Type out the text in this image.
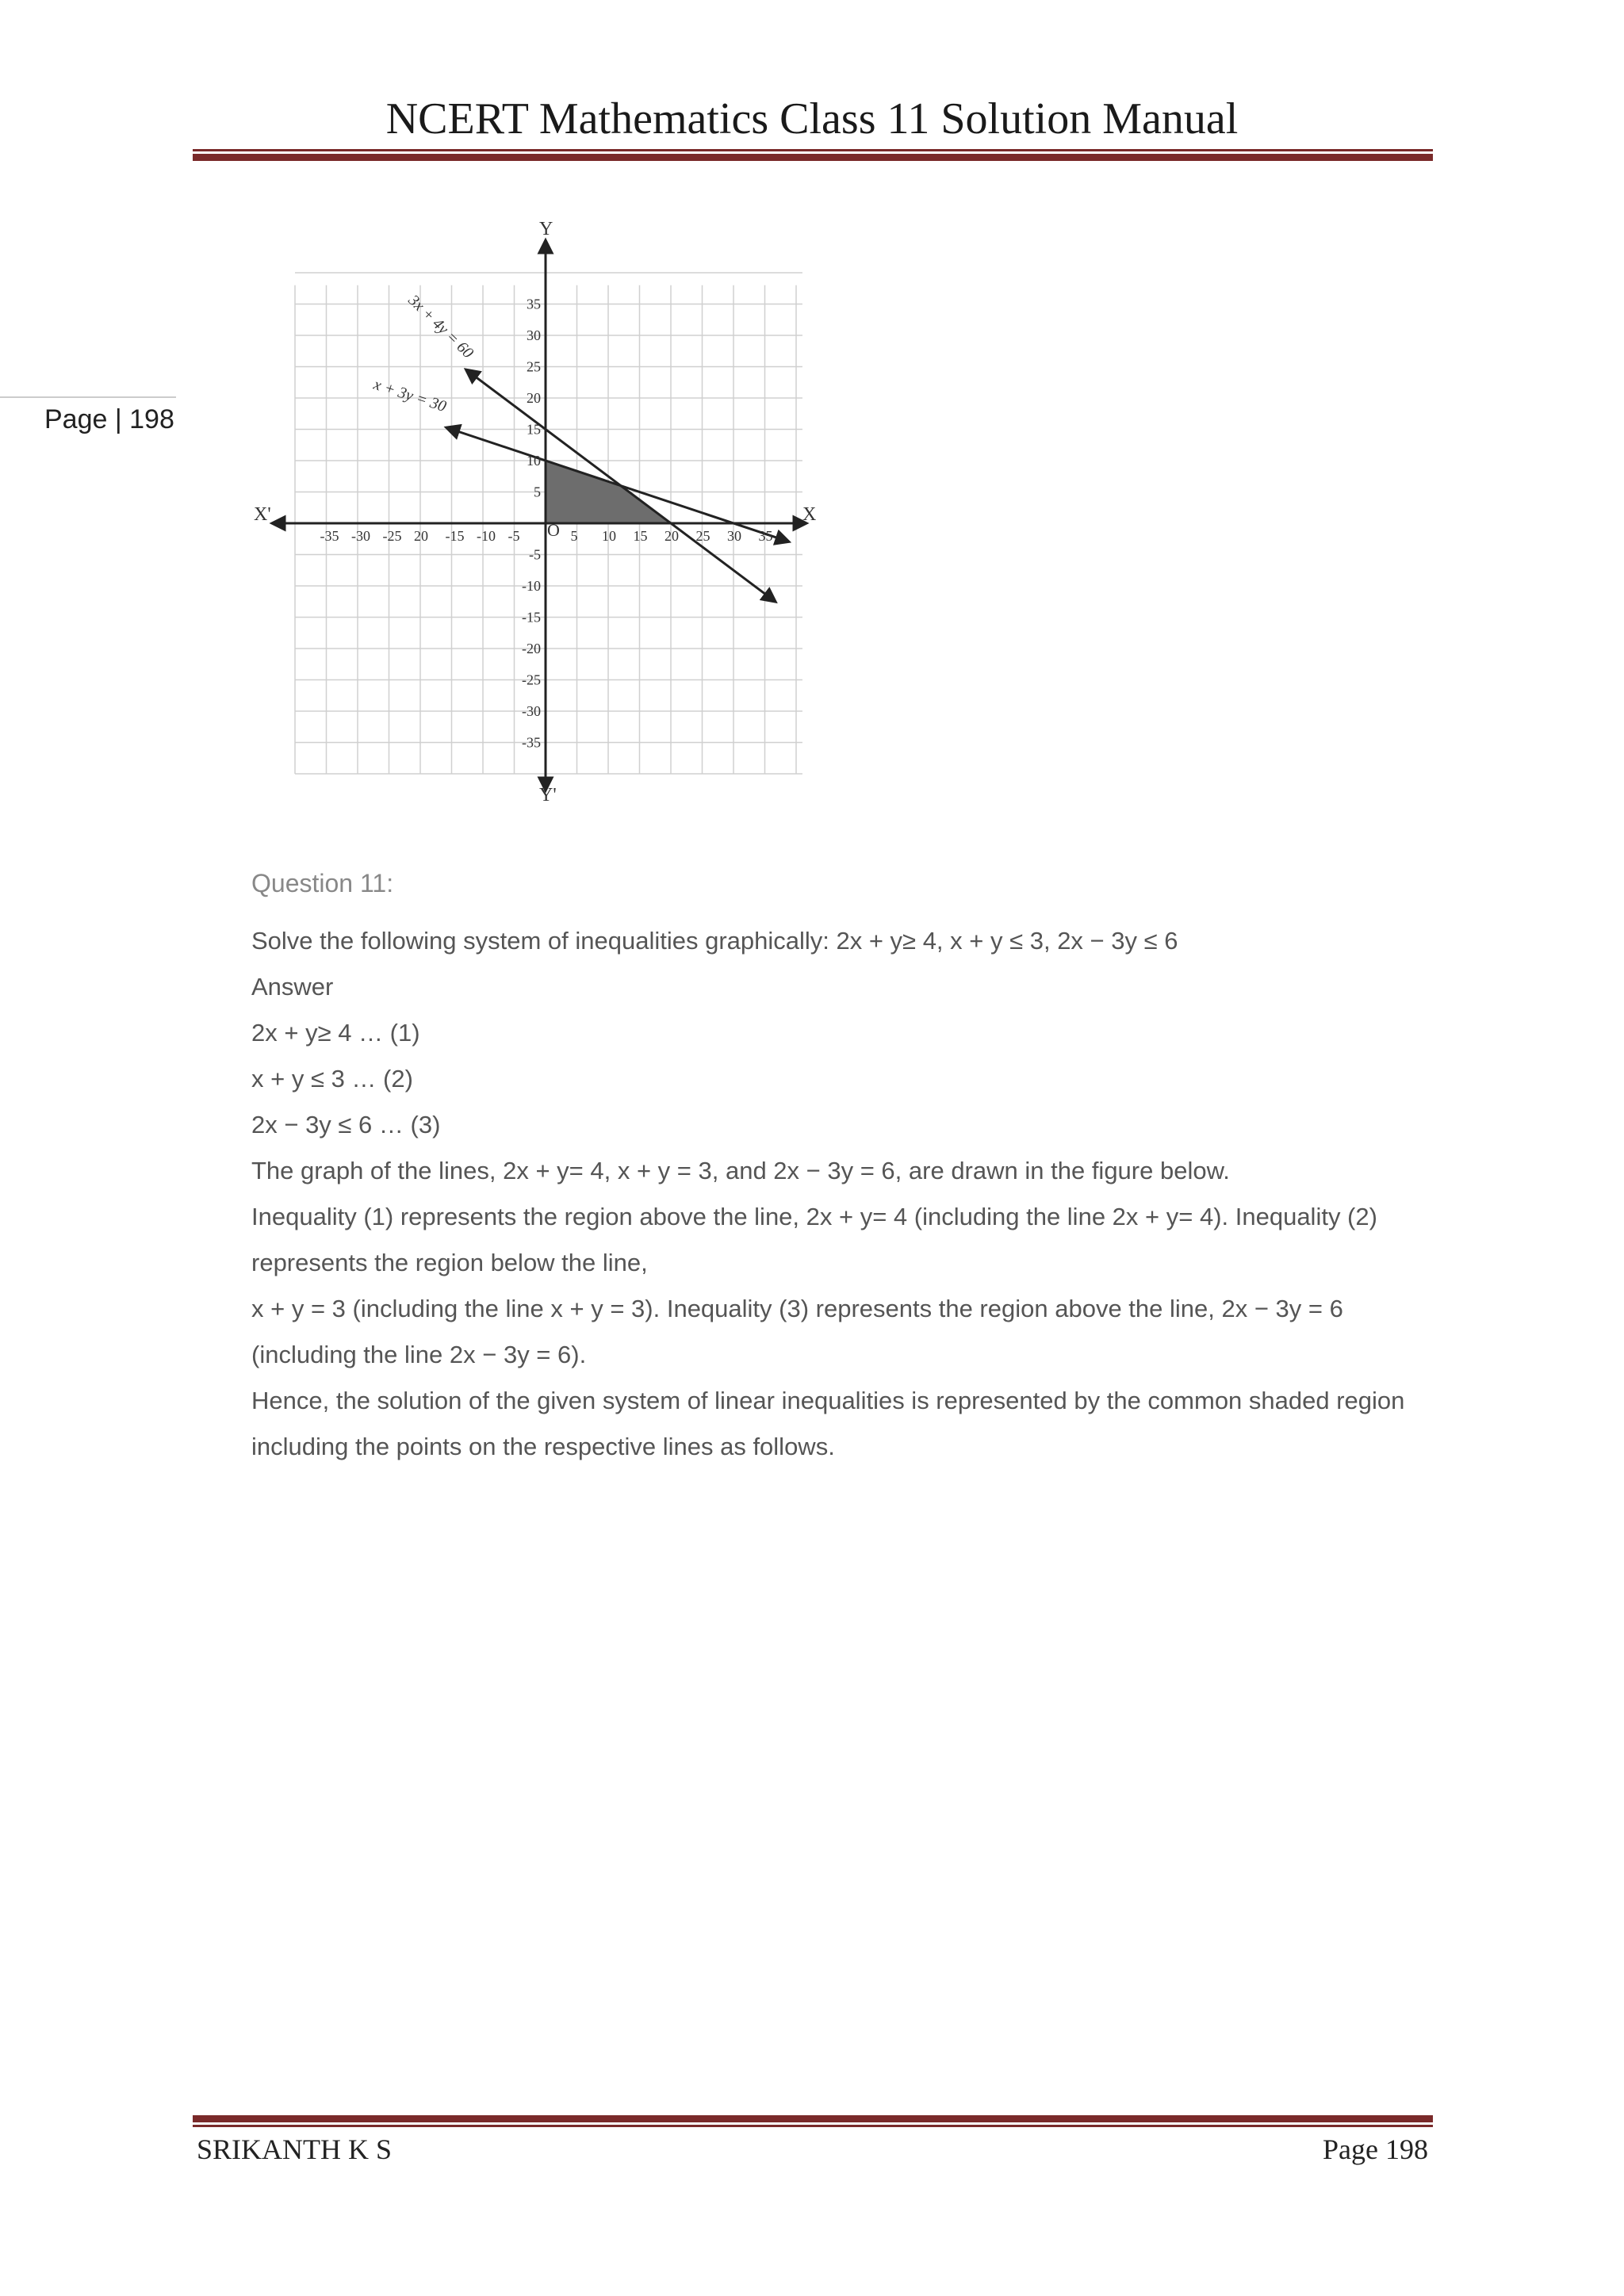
NCERT Mathematics Class 11 Solution Manual
Page | 198
-35 -30 -25 20 -15 -10 -5	5 10 15 20 25 30 35
35
30
25
20
15
10
5
-5
-10
-15
-20
-25
-30
-35
X
X'
Y
Y'
O
3x + 4y = 60
x + 3y = 30
Question 11:

Solve the following system of inequalities graphically: 2x + y≥ 4, x + y ≤ 3, 2x − 3y ≤ 6

Answer

2x + y≥ 4 … (1)

x + y ≤ 3 … (2)

2x − 3y ≤ 6 … (3)

The graph of the lines, 2x + y= 4, x + y = 3, and 2x − 3y = 6, are drawn in the figure below.

Inequality (1) represents the region above the line, 2x + y= 4 (including the line 2x + y= 4). Inequality (2) represents the region below the line,

x + y = 3 (including the line x + y = 3). Inequality (3) represents the region above the line, 2x − 3y = 6 (including the line 2x − 3y = 6).

Hence, the solution of the given system of linear inequalities is represented by the common shaded region including the points on the respective lines as follows.

SRIKANTH K S	Page 198
